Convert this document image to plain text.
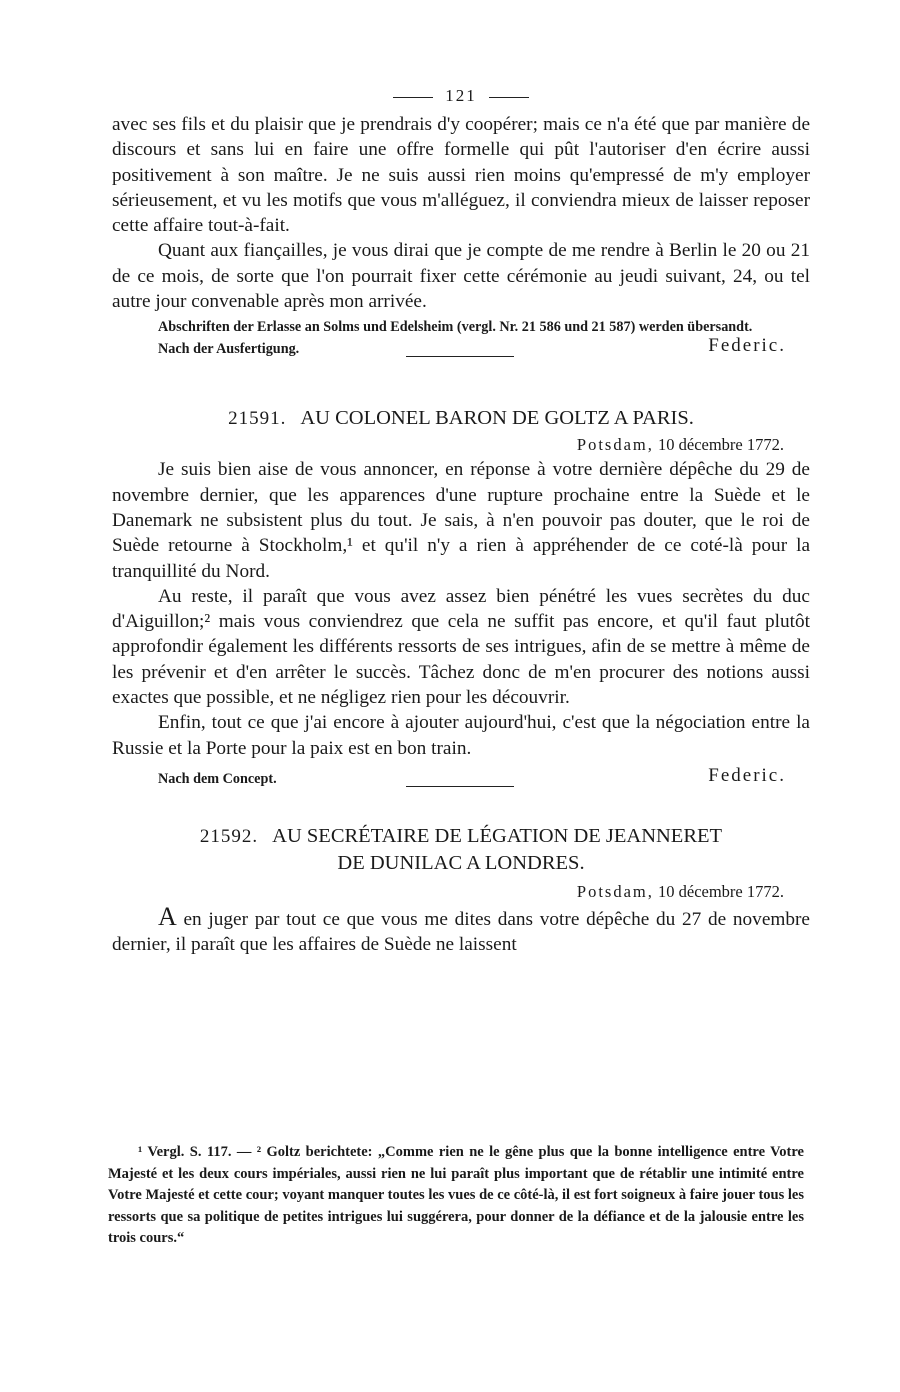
121

avec ses fils et du plaisir que je prendrais d'y coopérer; mais ce n'a été que par manière de discours et sans lui en faire une offre formelle qui pût l'autoriser d'en écrire aussi positivement à son maître. Je ne suis aussi rien moins qu'empressé de m'y employer sérieusement, et vu les motifs que vous m'alléguez, il conviendra mieux de laisser reposer cette affaire tout-à-fait.

Quant aux fiançailles, je vous dirai que je compte de me rendre à Berlin le 20 ou 21 de ce mois, de sorte que l'on pourrait fixer cette cérémonie au jeudi suivant, 24, ou tel autre jour convenable après mon arrivée.

Abschriften der Erlasse an Solms und Edelsheim (vergl. Nr. 21 586 und 21 587) werden übersandt.
Nach der Ausfertigung.	Federic.
21591. AU COLONEL BARON DE GOLTZ A PARIS.
Potsdam, 10 décembre 1772.

Je suis bien aise de vous annoncer, en réponse à votre dernière dépêche du 29 de novembre dernier, que les apparences d'une rupture prochaine entre la Suède et le Danemark ne subsistent plus du tout. Je sais, à n'en pouvoir pas douter, que le roi de Suède retourne à Stockholm,¹ et qu'il n'y a rien à appréhender de ce coté-là pour la tranquillité du Nord.

Au reste, il paraît que vous avez assez bien pénétré les vues secrètes du duc d'Aiguillon;² mais vous conviendrez que cela ne suffit pas encore, et qu'il faut plutôt approfondir également les différents ressorts de ses intrigues, afin de se mettre à même de les prévenir et d'en arrêter le succès. Tâchez donc de m'en procurer des notions aussi exactes que possible, et ne négligez rien pour les découvrir.

Enfin, tout ce que j'ai encore à ajouter aujourd'hui, c'est que la négociation entre la Russie et la Porte pour la paix est en bon train.

Nach dem Concept.	Federic.
21592. AU SECRÉTAIRE DE LÉGATION DE JEANNERET
DE DUNILAC A LONDRES.
Potsdam, 10 décembre 1772.

A en juger par tout ce que vous me dites dans votre dépêche du 27 de novembre dernier, il paraît que les affaires de Suède ne laissent

¹ Vergl. S. 117. — ² Goltz berichtete: „Comme rien ne le gêne plus que la bonne intelligence entre Votre Majesté et les deux cours impériales, aussi rien ne lui paraît plus important que de rétablir une intimité entre Votre Majesté et cette cour; voyant manquer toutes les vues de ce côté-là, il est fort soigneux à faire jouer tous les ressorts que sa politique de petites intrigues lui suggérera, pour donner de la défiance et de la jalousie entre les trois cours.“
